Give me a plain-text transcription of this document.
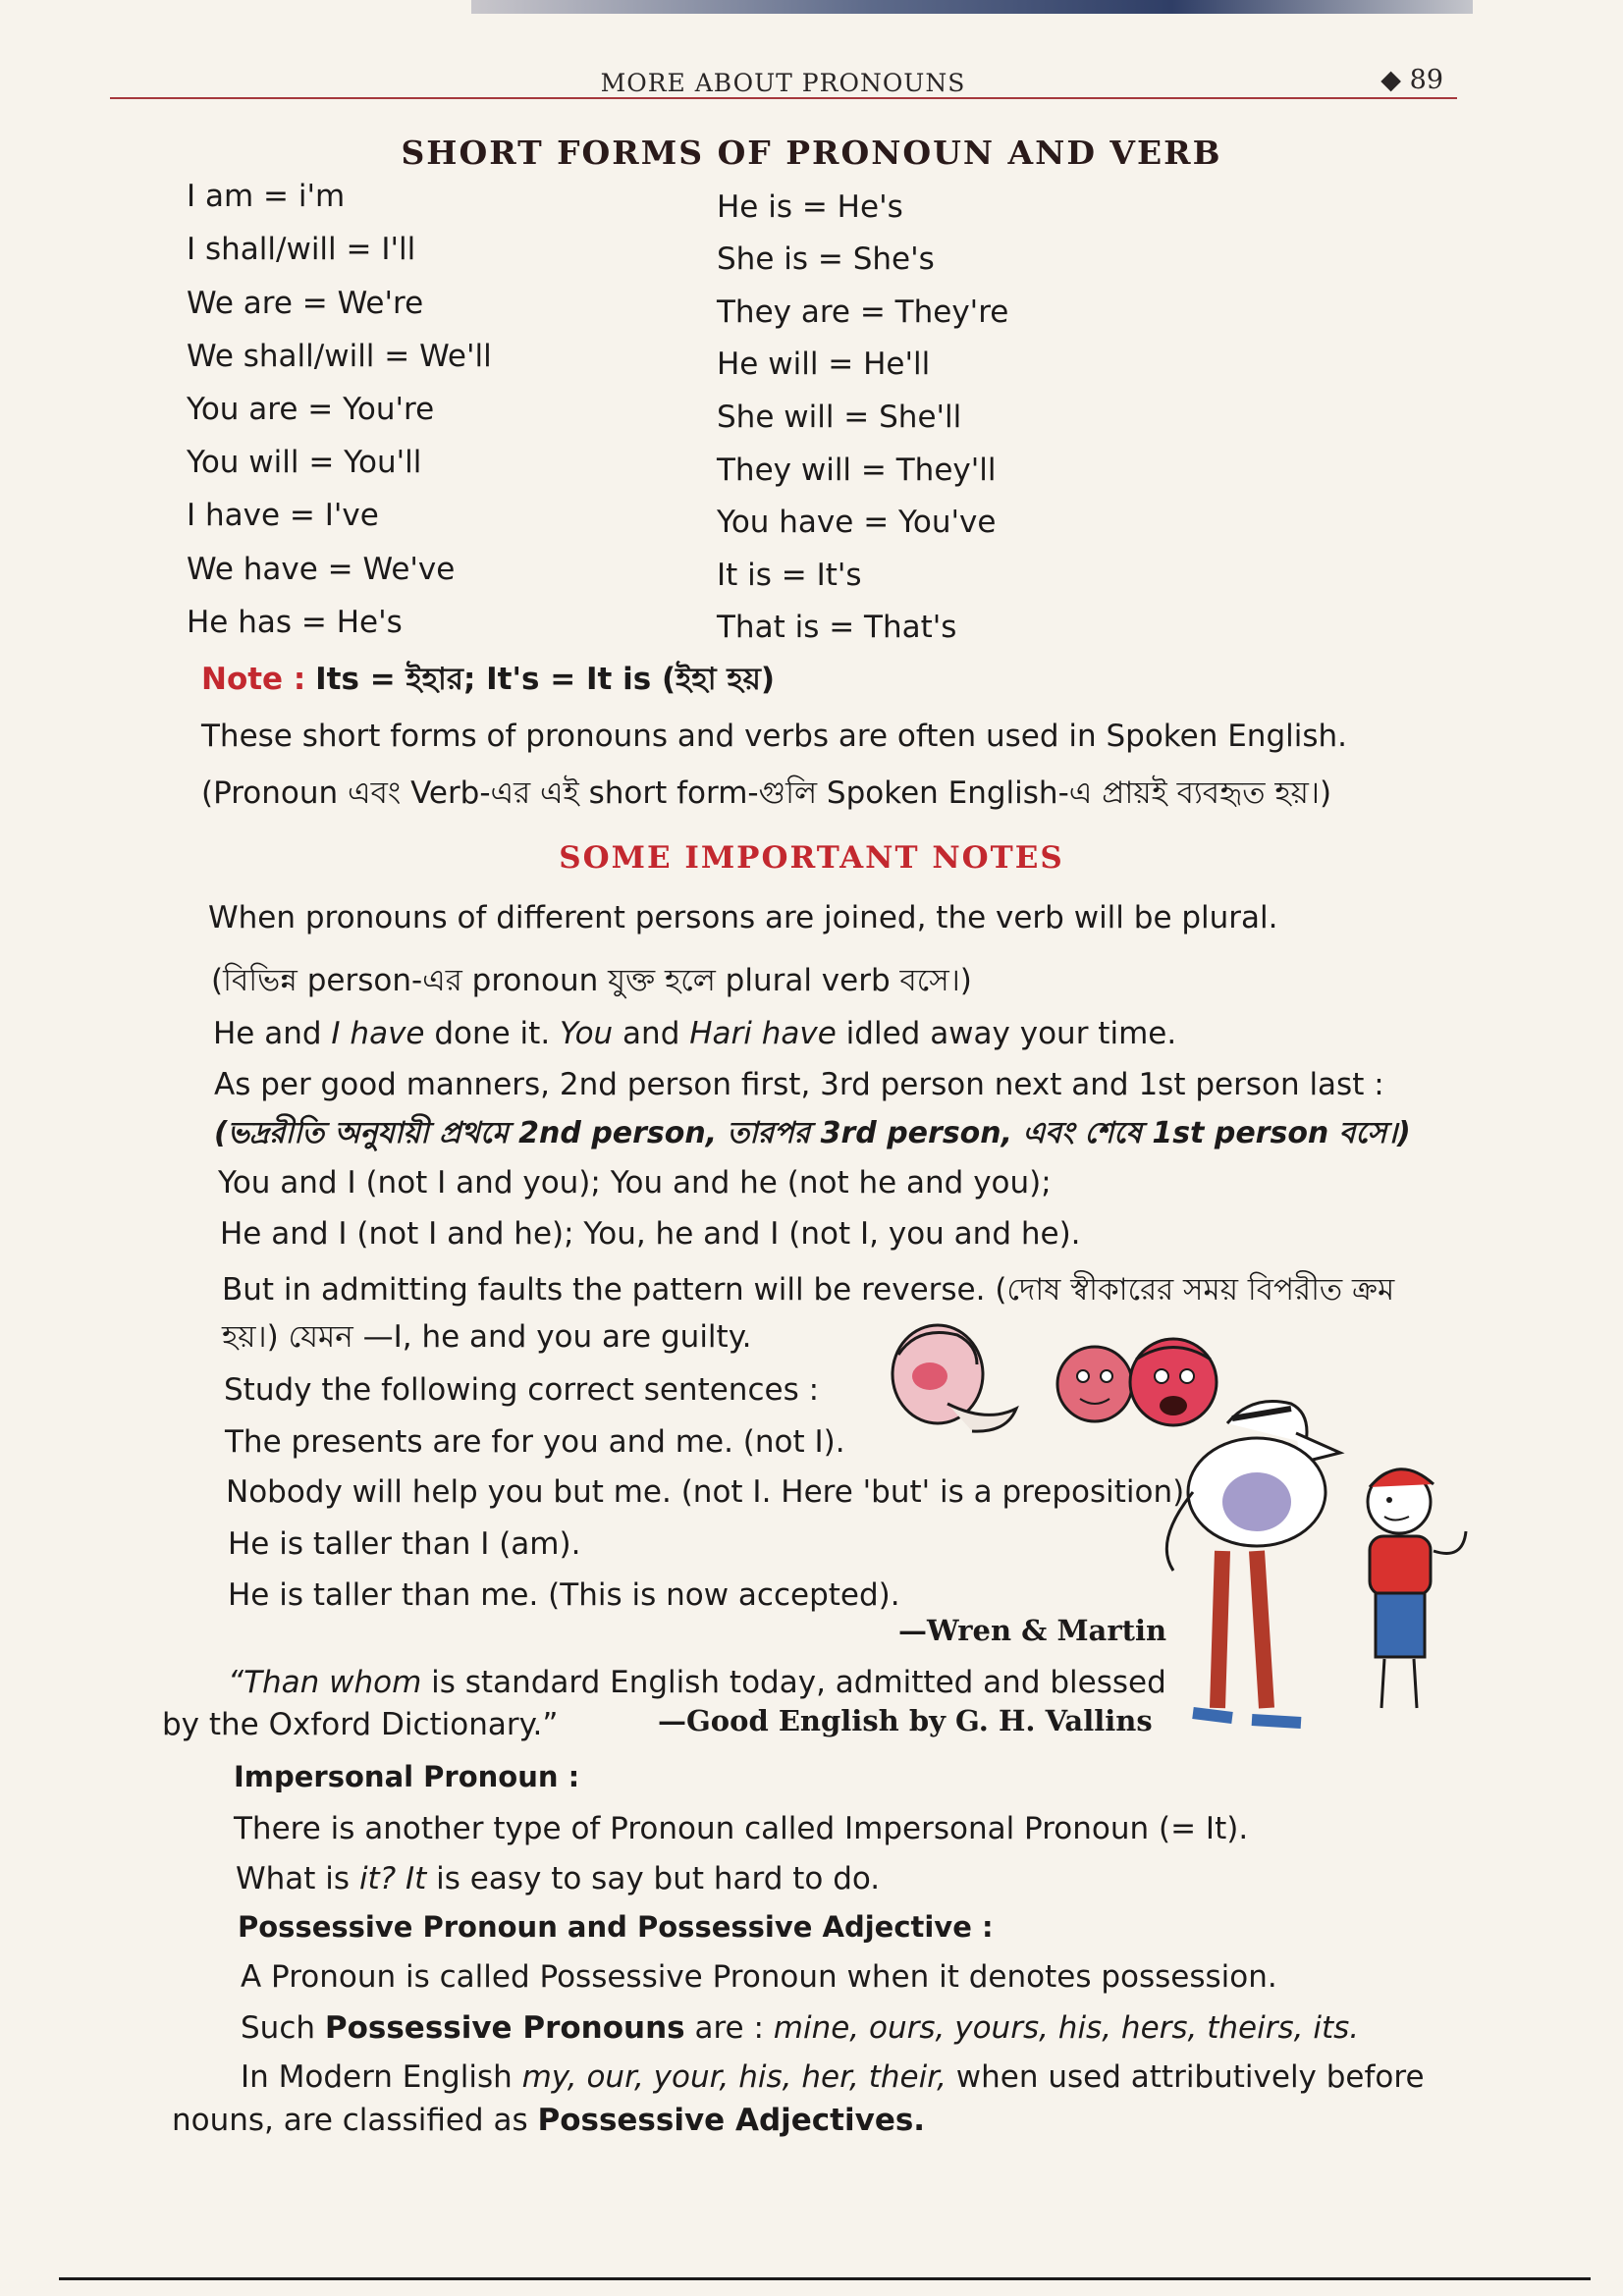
MORE ABOUT PRONOUNS	◆ 89
SHORT FORMS OF PRONOUN AND VERB
I am = i'm
I shall/will = I'll
We are = We're
We shall/will = We'll
You are = You're
You will = You'll
I have = I've
We have = We've
He has = He's
He is = He's
She is = She's
They are = They're
He will = He'll
She will = She'll
They will = They'll
You have = You've
It is = It's
That is = That's
Note : Its = ইহার; It's = It is (ইহা হয়)
These short forms of pronouns and verbs are often used in Spoken English.
(Pronoun এবং Verb-এর এই short form-গুলি Spoken English-এ প্রায়ই ব্যবহৃত হয়।)
SOME IMPORTANT NOTES
When pronouns of different persons are joined, the verb will be plural.
(বিভিন্ন person-এর pronoun যুক্ত হলে plural verb বসে।)
He and I have done it. You and Hari have idled away your time.
As per good manners, 2nd person first, 3rd person next and 1st person last :
(ভদ্ররীতি অনুযায়ী প্রথমে 2nd person, তারপর 3rd person, এবং শেষে 1st person বসে।)
You and I (not I and you); You and he (not he and you);
He and I (not I and he); You, he and I (not I, you and he).
But in admitting faults the pattern will be reverse. (দোষ স্বীকারের সময় বিপরীত ক্রম
হয়।) যেমন —I, he and you are guilty.
Study the following correct sentences :
The presents are for you and me. (not I).
Nobody will help you but me. (not I. Here 'but' is a preposition)
He is taller than I (am).
He is taller than me. (This is now accepted).
—Wren & Martin
“Than whom is standard English today, admitted and blessed
by the Oxford Dictionary.”	—Good English by G. H. Vallins
Impersonal Pronoun :
There is another type of Pronoun called Impersonal Pronoun (= It).
What is it? It is easy to say but hard to do.
Possessive Pronoun and Possessive Adjective :
A Pronoun is called Possessive Pronoun when it denotes possession.
Such Possessive Pronouns are : mine, ours, yours, his, hers, theirs, its.
In Modern English my, our, your, his, her, their, when used attributively before
nouns, are classified as Possessive Adjectives.
